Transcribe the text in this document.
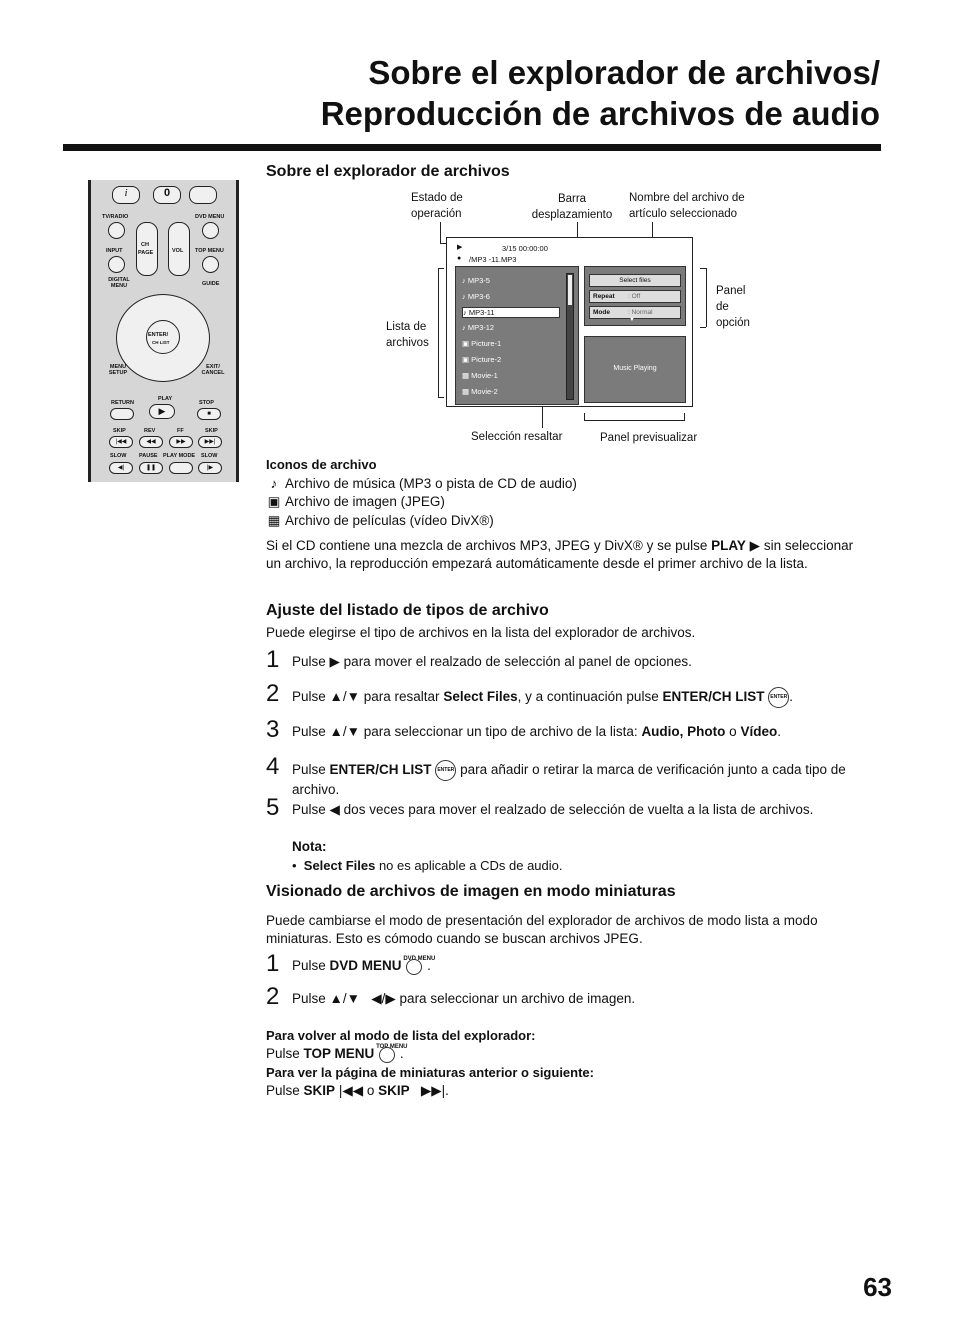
Sobre el explorador de archivos/
Reproducción de archivos de audio
i	0
TV/RADIO	DVD MENU
CH
PAGE	VOL
INPUT	TOP MENU
DIGITAL MENU	GUIDE
ENTER/
CH LIST
MENU SETUP
EXIT/ CANCEL
RETURN
PLAY
STOP
▶	■
SKIP	REV	FF	SKIP
|◀◀	◀◀	▶▶	▶▶|
SLOW PAUSE PLAY MODE SLOW
◀|	❚❚	|▶
Sobre el explorador de archivos
Estado de operación
Barra desplazamiento
Nombre del archivo de artículo seleccionado
Panel de opción
Lista de archivos
Selección resaltar	Panel previsualizar
▶	3/15 00:00:00
● /MP3 -11.MP3
♪ MP3-5
♪ MP3-6
♪ MP3-11
♪ MP3-12
▣ Picture-1
▣ Picture-2
▦ Movie-1
▦ Movie-2
Select files
Repeat : Off
Mode	: Normal
▼
Music Playing
Iconos de archivo
♪ Archivo de música (MP3 o pista de CD de audio)
▣ Archivo de imagen (JPEG)
▦ Archivo de películas (vídeo DivX®)
Si el CD contiene una mezcla de archivos MP3, JPEG y DivX® y se pulse PLAY ▶ sin seleccionar un archivo, la reproducción empezará automáticamente desde el primer archivo de la lista.
Ajuste del listado de tipos de archivo
Puede elegirse el tipo de archivos en la lista del explorador de archivos.
1 Pulse ▶ para mover el realzado de selección al panel de opciones.
2 Pulse ▲/▼ para resaltar Select Files, y a continuación pulse ENTER/CH LIST ENTER .
3 Pulse ▲/▼ para seleccionar un tipo de archivo de la lista: Audio, Photo o Vídeo.
4 Pulse ENTER/CH LIST ENTER para añadir o retirar la marca de verificación junto a cada tipo de archivo.
5 Pulse ◀ dos veces para mover el realzado de selección de vuelta a la lista de archivos.
Nota:
•  Select Files no es aplicable a CDs de audio.
Visionado de archivos de imagen en modo miniaturas
Puede cambiarse el modo de presentación del explorador de archivos de modo lista a modo miniaturas. Esto es cómodo cuando se buscan archivos JPEG.
1 Pulse DVD MENU DVD MENU
.
2 Pulse ▲/▼   ◀/▶ para seleccionar un archivo de imagen.
Para volver al modo de lista del explorador:
Pulse TOP MENU TOP MENU
.
Para ver la página de miniaturas anterior o siguiente:
Pulse SKIP |◀◀ o SKIP ▶▶|.
63
